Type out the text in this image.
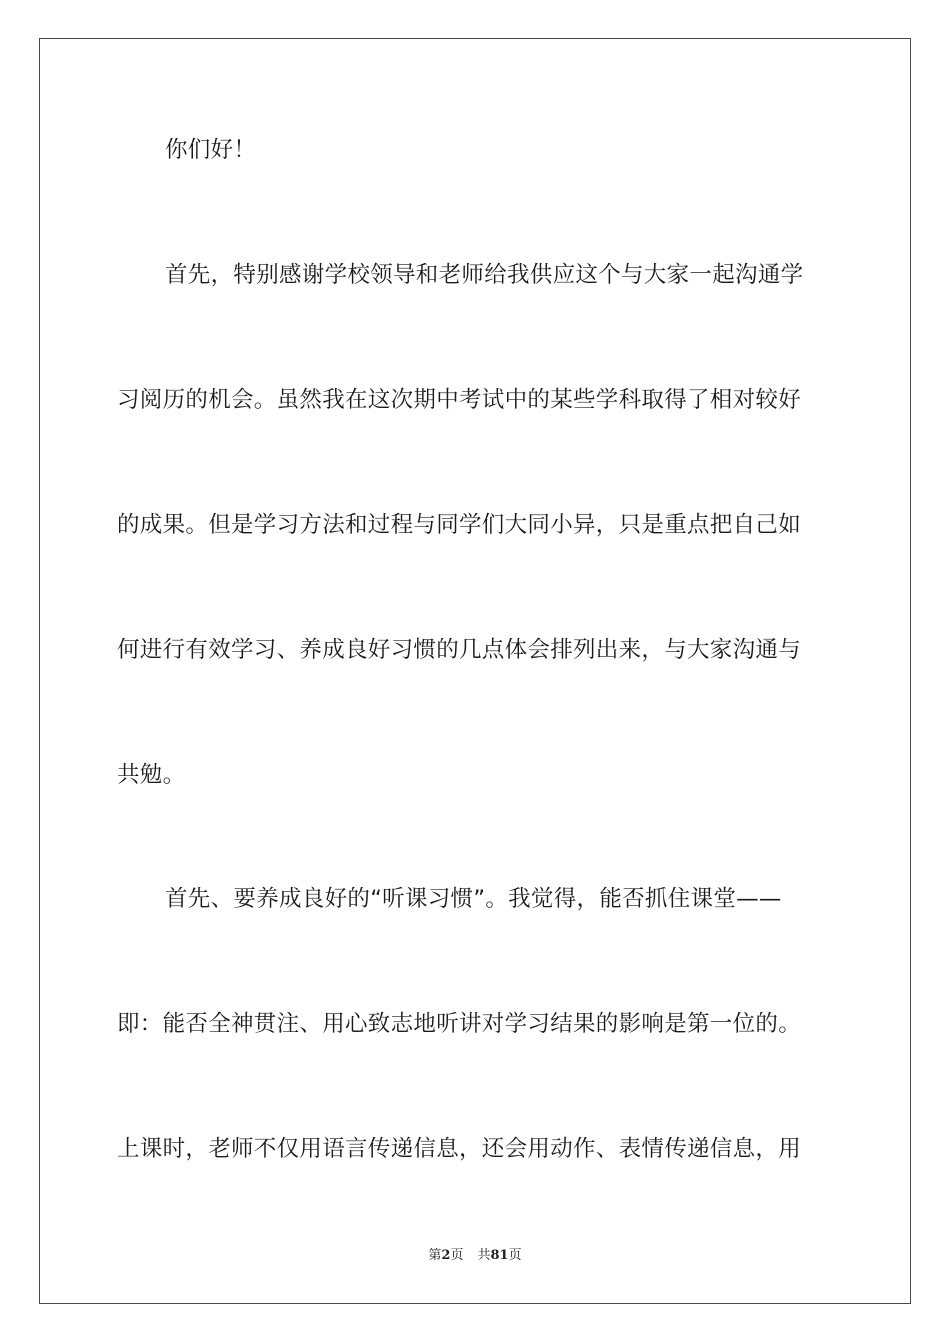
你们好！
首先，特别感谢学校领导和老师给我供应这个与大家一起沟通学
习阅历的机会。虽然我在这次期中考试中的某些学科取得了相对较好
的成果。但是学习方法和过程与同学们大同小异，只是重点把自己如
何进行有效学习、养成良好习惯的几点体会排列出来，与大家沟通与
共勉。
首先、要养成良好的“听课习惯”。我觉得，能否抓住课堂——
即：能否全神贯注、用心致志地听讲对学习结果的影响是第一位的。
上课时，老师不仅用语言传递信息，还会用动作、表情传递信息，用
第2页 共81页
